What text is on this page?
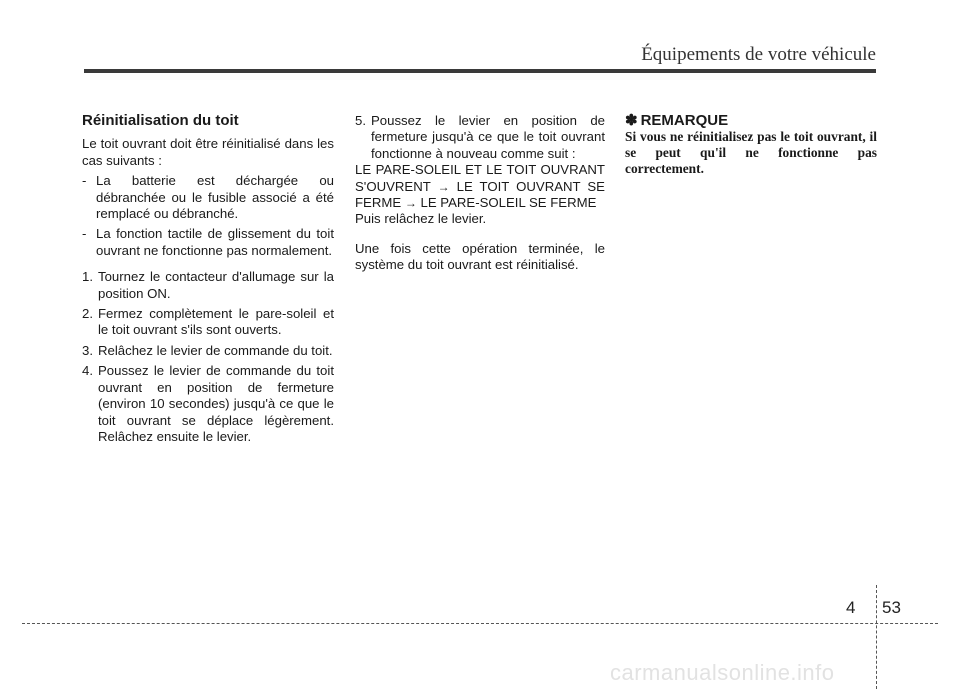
Équipements de votre véhicule
Réinitialisation du toit

Le toit ouvrant doit être réinitialisé dans les cas suivants :

- La batterie est déchargée ou débranchée ou le fusible associé a été remplacé ou débranché.
- La fonction tactile de glissement du toit ouvrant ne fonctionne pas normalement.
1. Tournez le contacteur d'allumage sur la position ON.
2. Fermez complètement le pare-soleil et le toit ouvrant s'ils sont ouverts.
3. Relâchez le levier de commande du toit.
4. Poussez le levier de commande du toit ouvrant en position de fermeture (environ 10 secondes) jusqu'à ce que le toit ouvrant se déplace légèrement. Relâchez ensuite le levier.
5. Poussez le levier en position de fermeture jusqu'à ce que le toit ouvrant fonctionne à nouveau comme suit :

LE PARE-SOLEIL ET LE TOIT OUVRANT S'OUVRENT → LE TOIT OUVRANT SE FERME → LE PARE-SOLEIL SE FERME

Puis relâchez le levier.

Une fois cette opération terminée, le système du toit ouvrant est réinitialisé.

✽ REMARQUE

Si vous ne réinitialisez pas le toit ouvrant, il se peut qu'il ne fonctionne pas correctement.

4 53
carmanualsonline.info
